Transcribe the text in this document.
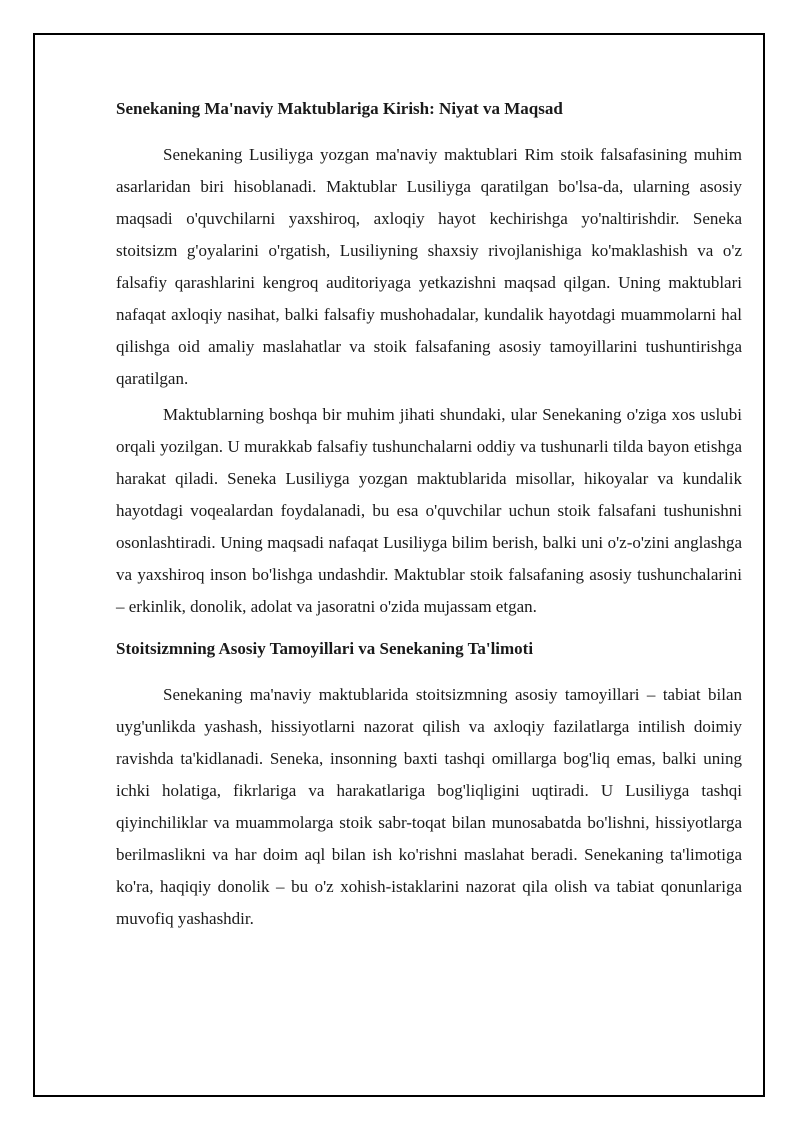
Senekaning Ma'naviy Maktublariga Kirish: Niyat va Maqsad

Senekaning Lusiliyga yozgan ma'naviy maktublari Rim stoik falsafasining muhim asarlaridan biri hisoblanadi. Maktublar Lusiliyga qaratilgan bo'lsa-da, ularning asosiy maqsadi o'quvchilarni yaxshiroq, axloqiy hayot kechirishga yo'naltirishdir. Seneka stoitsizm g'oyalarini o'rgatish, Lusiliyning shaxsiy rivojlanishiga ko'maklashish va o'z falsafiy qarashlarini kengroq auditoriyaga yetkazishni maqsad qilgan. Uning maktublari nafaqat axloqiy nasihat, balki falsafiy mushohadalar, kundalik hayotdagi muammolarni hal qilishga oid amaliy maslahatlar va stoik falsafaning asosiy tamoyillarini tushuntirishga qaratilgan.

Maktublarning boshqa bir muhim jihati shundaki, ular Senekaning o'ziga xos uslubi orqali yozilgan. U murakkab falsafiy tushunchalarni oddiy va tushunarli tilda bayon etishga harakat qiladi. Seneka Lusiliyga yozgan maktublarida misollar, hikoyalar va kundalik hayotdagi voqealardan foydalanadi, bu esa o'quvchilar uchun stoik falsafani tushunishni osonlashtiradi. Uning maqsadi nafaqat Lusiliyga bilim berish, balki uni o'z-o'zini anglashga va yaxshiroq inson bo'lishga undashdir. Maktublar stoik falsafaning asosiy tushunchalarini – erkinlik, donolik, adolat va jasoratni o'zida mujassam etgan.

Stoitsizmning Asosiy Tamoyillari va Senekaning Ta'limoti

Senekaning ma'naviy maktublarida stoitsizmning asosiy tamoyillari – tabiat bilan uyg'unlikda yashash, hissiyotlarni nazorat qilish va axloqiy fazilatlarga intilish doimiy ravishda ta'kidlanadi. Seneka, insonning baxti tashqi omillarga bog'liq emas, balki uning ichki holatiga, fikrlariga va harakatlariga bog'liqligini uqtiradi. U Lusiliyga tashqi qiyinchiliklar va muammolarga stoik sabr-toqat bilan munosabatda bo'lishni, hissiyotlarga berilmaslikni va har doim aql bilan ish ko'rishni maslahat beradi. Senekaning ta'limotiga ko'ra, haqiqiy donolik – bu o'z xohish-istaklarini nazorat qila olish va tabiat qonunlariga muvofiq yashashdir.
